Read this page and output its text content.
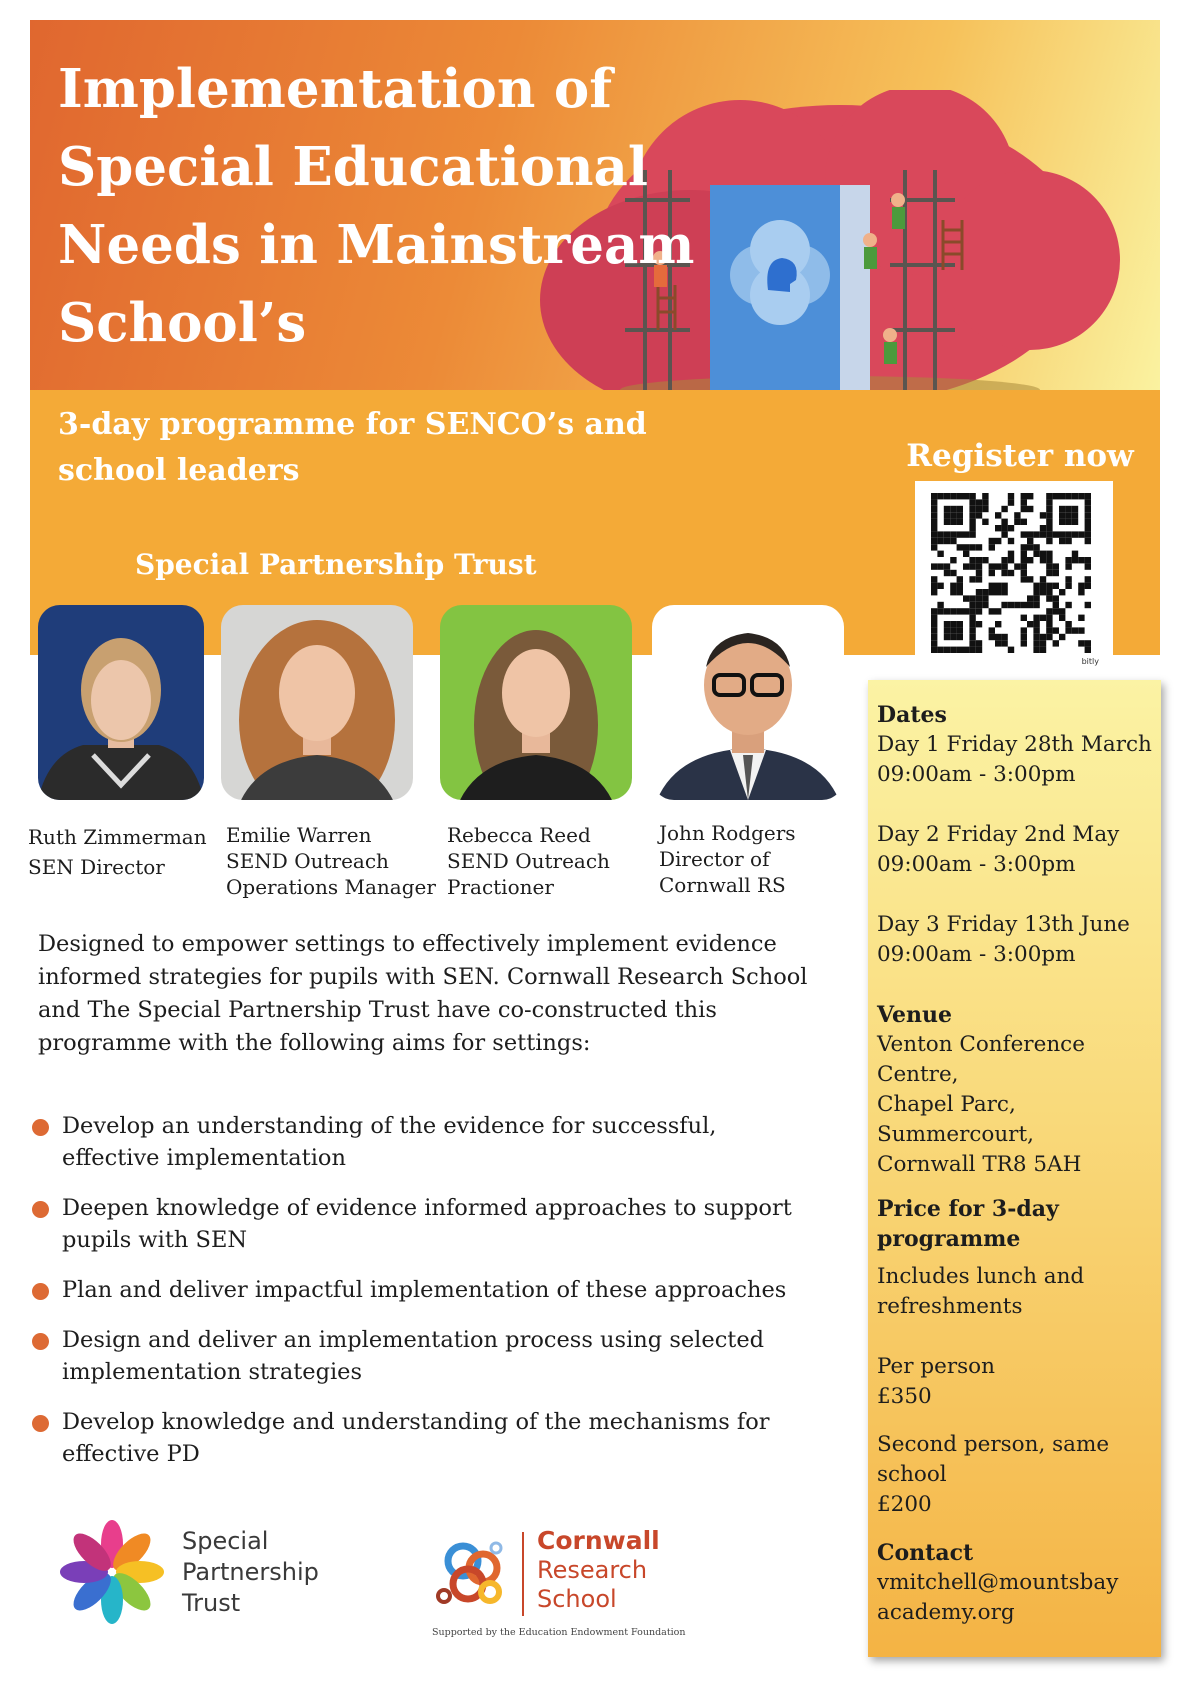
Implementation of
Special Educational
Needs in Mainstream
School’s
3-day programme for SENCO’s and
school leaders	Register now
bitly
Special Partnership Trust
Ruth Zimmerman
SEN Director
Emilie Warren
SEND Outreach
Operations Manager
Rebecca Reed
SEND Outreach
Practioner
John Rodgers
Director of
Cornwall RS

Designed to empower settings to effectively implement evidence informed strategies for pupils with SEN. Cornwall Research School and The Special Partnership Trust have co-constructed this programme with the following aims for settings:

Develop an understanding of the evidence for successful, effective implementation
Deepen knowledge of evidence informed approaches to support pupils with SEN
Plan and deliver impactful implementation of these approaches
Design and deliver an implementation process using selected implementation strategies
Develop knowledge and understanding of the mechanisms for effective PD
Dates
Day 1 Friday 28th March
09:00am - 3:00pm
Day 2 Friday 2nd May
09:00am - 3:00pm
Day 3 Friday 13th June
09:00am - 3:00pm
Venue
Venton Conference Centre,
Chapel Parc,
Summercourt,
Cornwall TR8 5AH
Price for 3-day
programme
Includes lunch and
refreshments
Per person
£350
Second person, same
school
£200
Contact
vmitchell@mountsbay
academy.org
Special
Partnership
Trust
Cornwall
Research
School
Supported by the Education Endowment Foundation
